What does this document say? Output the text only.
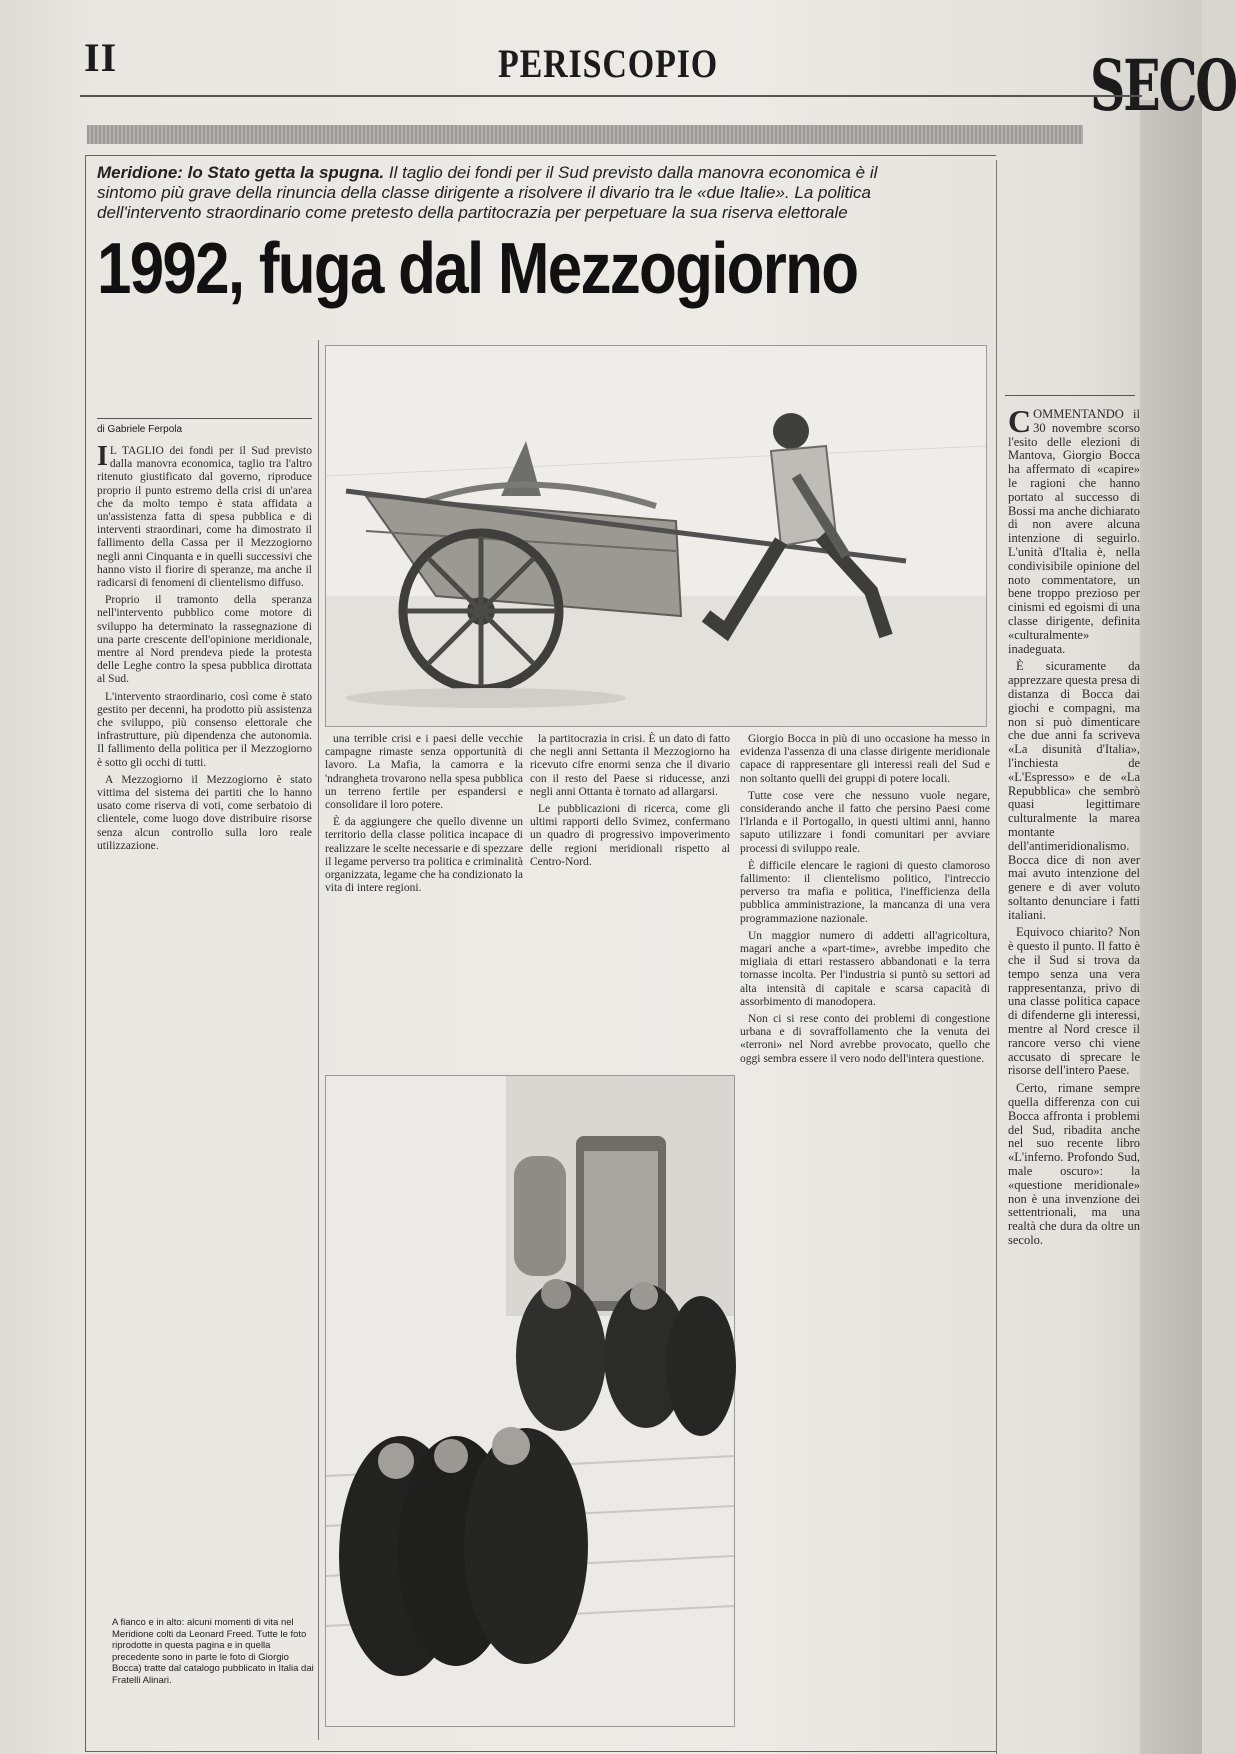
II	PERISCOPIO	SECO
Meridione: lo Stato getta la spugna. Il taglio dei fondi per il Sud previsto dalla manovra economica è il sintomo più grave della rinuncia della classe dirigente a risolvere il divario tra le «due Italie». La politica dell'intervento straordinario come pretesto della partitocrazia per perpetuare la sua riserva elettorale
1992, fuga dal Mezzogiorno
di Gabriele Ferpola

I L TAGLIO dei fondi per il Sud previsto dalla manovra economica, taglio tra l'altro ritenuto giustificato dal governo, riproduce proprio il punto estremo della crisi di un'area che da molto tempo è stata affidata a un'assistenza fatta di spesa pubblica e di interventi straordinari, come ha dimostrato il fallimento della Cassa per il Mezzogiorno negli anni Cinquanta e in quelli successivi che hanno visto il fiorire di speranze, ma anche il radicarsi di fenomeni di clientelismo diffuso.

Proprio il tramonto della speranza nell'intervento pubblico come motore di sviluppo ha determinato la rassegnazione di una parte crescente dell'opinione meridionale, mentre al Nord prendeva piede la protesta delle Leghe contro la spesa pubblica dirottata al Sud.

L'intervento straordinario, così come è stato gestito per decenni, ha prodotto più assistenza che sviluppo, più consenso elettorale che infrastrutture, più dipendenza che autonomia. Il fallimento della politica per il Mezzogiorno è sotto gli occhi di tutti.

A Mezzogiorno il Mezzogiorno è stato vittima del sistema dei partiti che lo hanno usato come riserva di voti, come serbatoio di clientele, come luogo dove distribuire risorse senza alcun controllo sulla loro reale utilizzazione.

una terrible crisi e i paesi delle vecchie campagne rimaste senza opportunità di lavoro. La Mafia, la camorra e la 'ndrangheta trovarono nella spesa pubblica un terreno fertile per espandersi e consolidare il loro potere.

È da aggiungere che quello divenne un territorio della classe politica incapace di realizzare le scelte necessarie e di spezzare il legame perverso tra politica e criminalità organizzata, legame che ha condizionato la vita di intere regioni.

la partitocrazia in crisi. È un dato di fatto che negli anni Settanta il Mezzogiorno ha ricevuto cifre enormi senza che il divario con il resto del Paese si riducesse, anzi negli anni Ottanta è tornato ad allargarsi.

Le pubblicazioni di ricerca, come gli ultimi rapporti dello Svimez, confermano un quadro di progressivo impoverimento delle regioni meridionali rispetto al Centro-Nord.

A fianco e in alto: alcuni momenti di vita nel Meridione colti da Leonard Freed. Tutte le foto riprodotte in questa pagina e in quella precedente sono in parte le foto di Giorgio Bocca) tratte dal catalogo pubblicato in Italia dai Fratelli Alinari.

Giorgio Bocca in più di uno occasione ha messo in evidenza l'assenza di una classe dirigente meridionale capace di rappresentare gli interessi reali del Sud e non soltanto quelli dei gruppi di potere locali.

Tutte cose vere che nessuno vuole negare, considerando anche il fatto che persino Paesi come l'Irlanda e il Portogallo, in questi ultimi anni, hanno saputo utilizzare i fondi comunitari per avviare processi di sviluppo reale.

È difficile elencare le ragioni di questo clamoroso fallimento: il clientelismo politico, l'intreccio perverso tra mafia e politica, l'inefficienza della pubblica amministrazione, la mancanza di una vera programmazione nazionale.

Un maggior numero di addetti all'agricoltura, magari anche a «part-time», avrebbe impedito che migliaia di ettari restassero abbandonati e la terra tornasse incolta. Per l'industria si puntò su settori ad alta intensità di capitale e scarsa capacità di assorbimento di manodopera.

Non ci si rese conto dei problemi di congestione urbana e di sovraffollamento che la venuta dei «terroni» nel Nord avrebbe provocato, quello che oggi sembra essere il vero nodo dell'intera questione.

COMMENTANDO il 30 novembre scorso l'esito delle elezioni di Mantova, Giorgio Bocca ha affermato di «capire» le ragioni che hanno portato al successo di Bossi ma anche dichiarato di non avere alcuna intenzione di seguirlo. L'unità d'Italia è, nella condivisibile opinione del noto commentatore, un bene troppo prezioso per cinismi ed egoismi di una classe dirigente, definita «culturalmente» inadeguata.

È sicuramente da apprezzare questa presa di distanza di Bocca dai giochi e compagni, ma non si può dimenticare che due anni fa scriveva «La disunità d'Italia», l'inchiesta de «L'Espresso» e de «La Repubblica» che sembrò quasi legittimare culturalmente la marea montante dell'antimeridionalismo. Bocca dice di non aver mai avuto intenzione del genere e di aver voluto soltanto denunciare i fatti italiani.

Equivoco chiarito? Non è questo il punto. Il fatto è che il Sud si trova da tempo senza una vera rappresentanza, privo di una classe politica capace di difenderne gli interessi, mentre al Nord cresce il rancore verso chi viene accusato di sprecare le risorse dell'intero Paese.

Certo, rimane sempre quella differenza con cui Bocca affronta i problemi del Sud, ribadita anche nel suo recente libro «L'inferno. Profondo Sud, male oscuro»: la «questione meridionale» non è una invenzione dei settentrionali, ma una realtà che dura da oltre un secolo.
